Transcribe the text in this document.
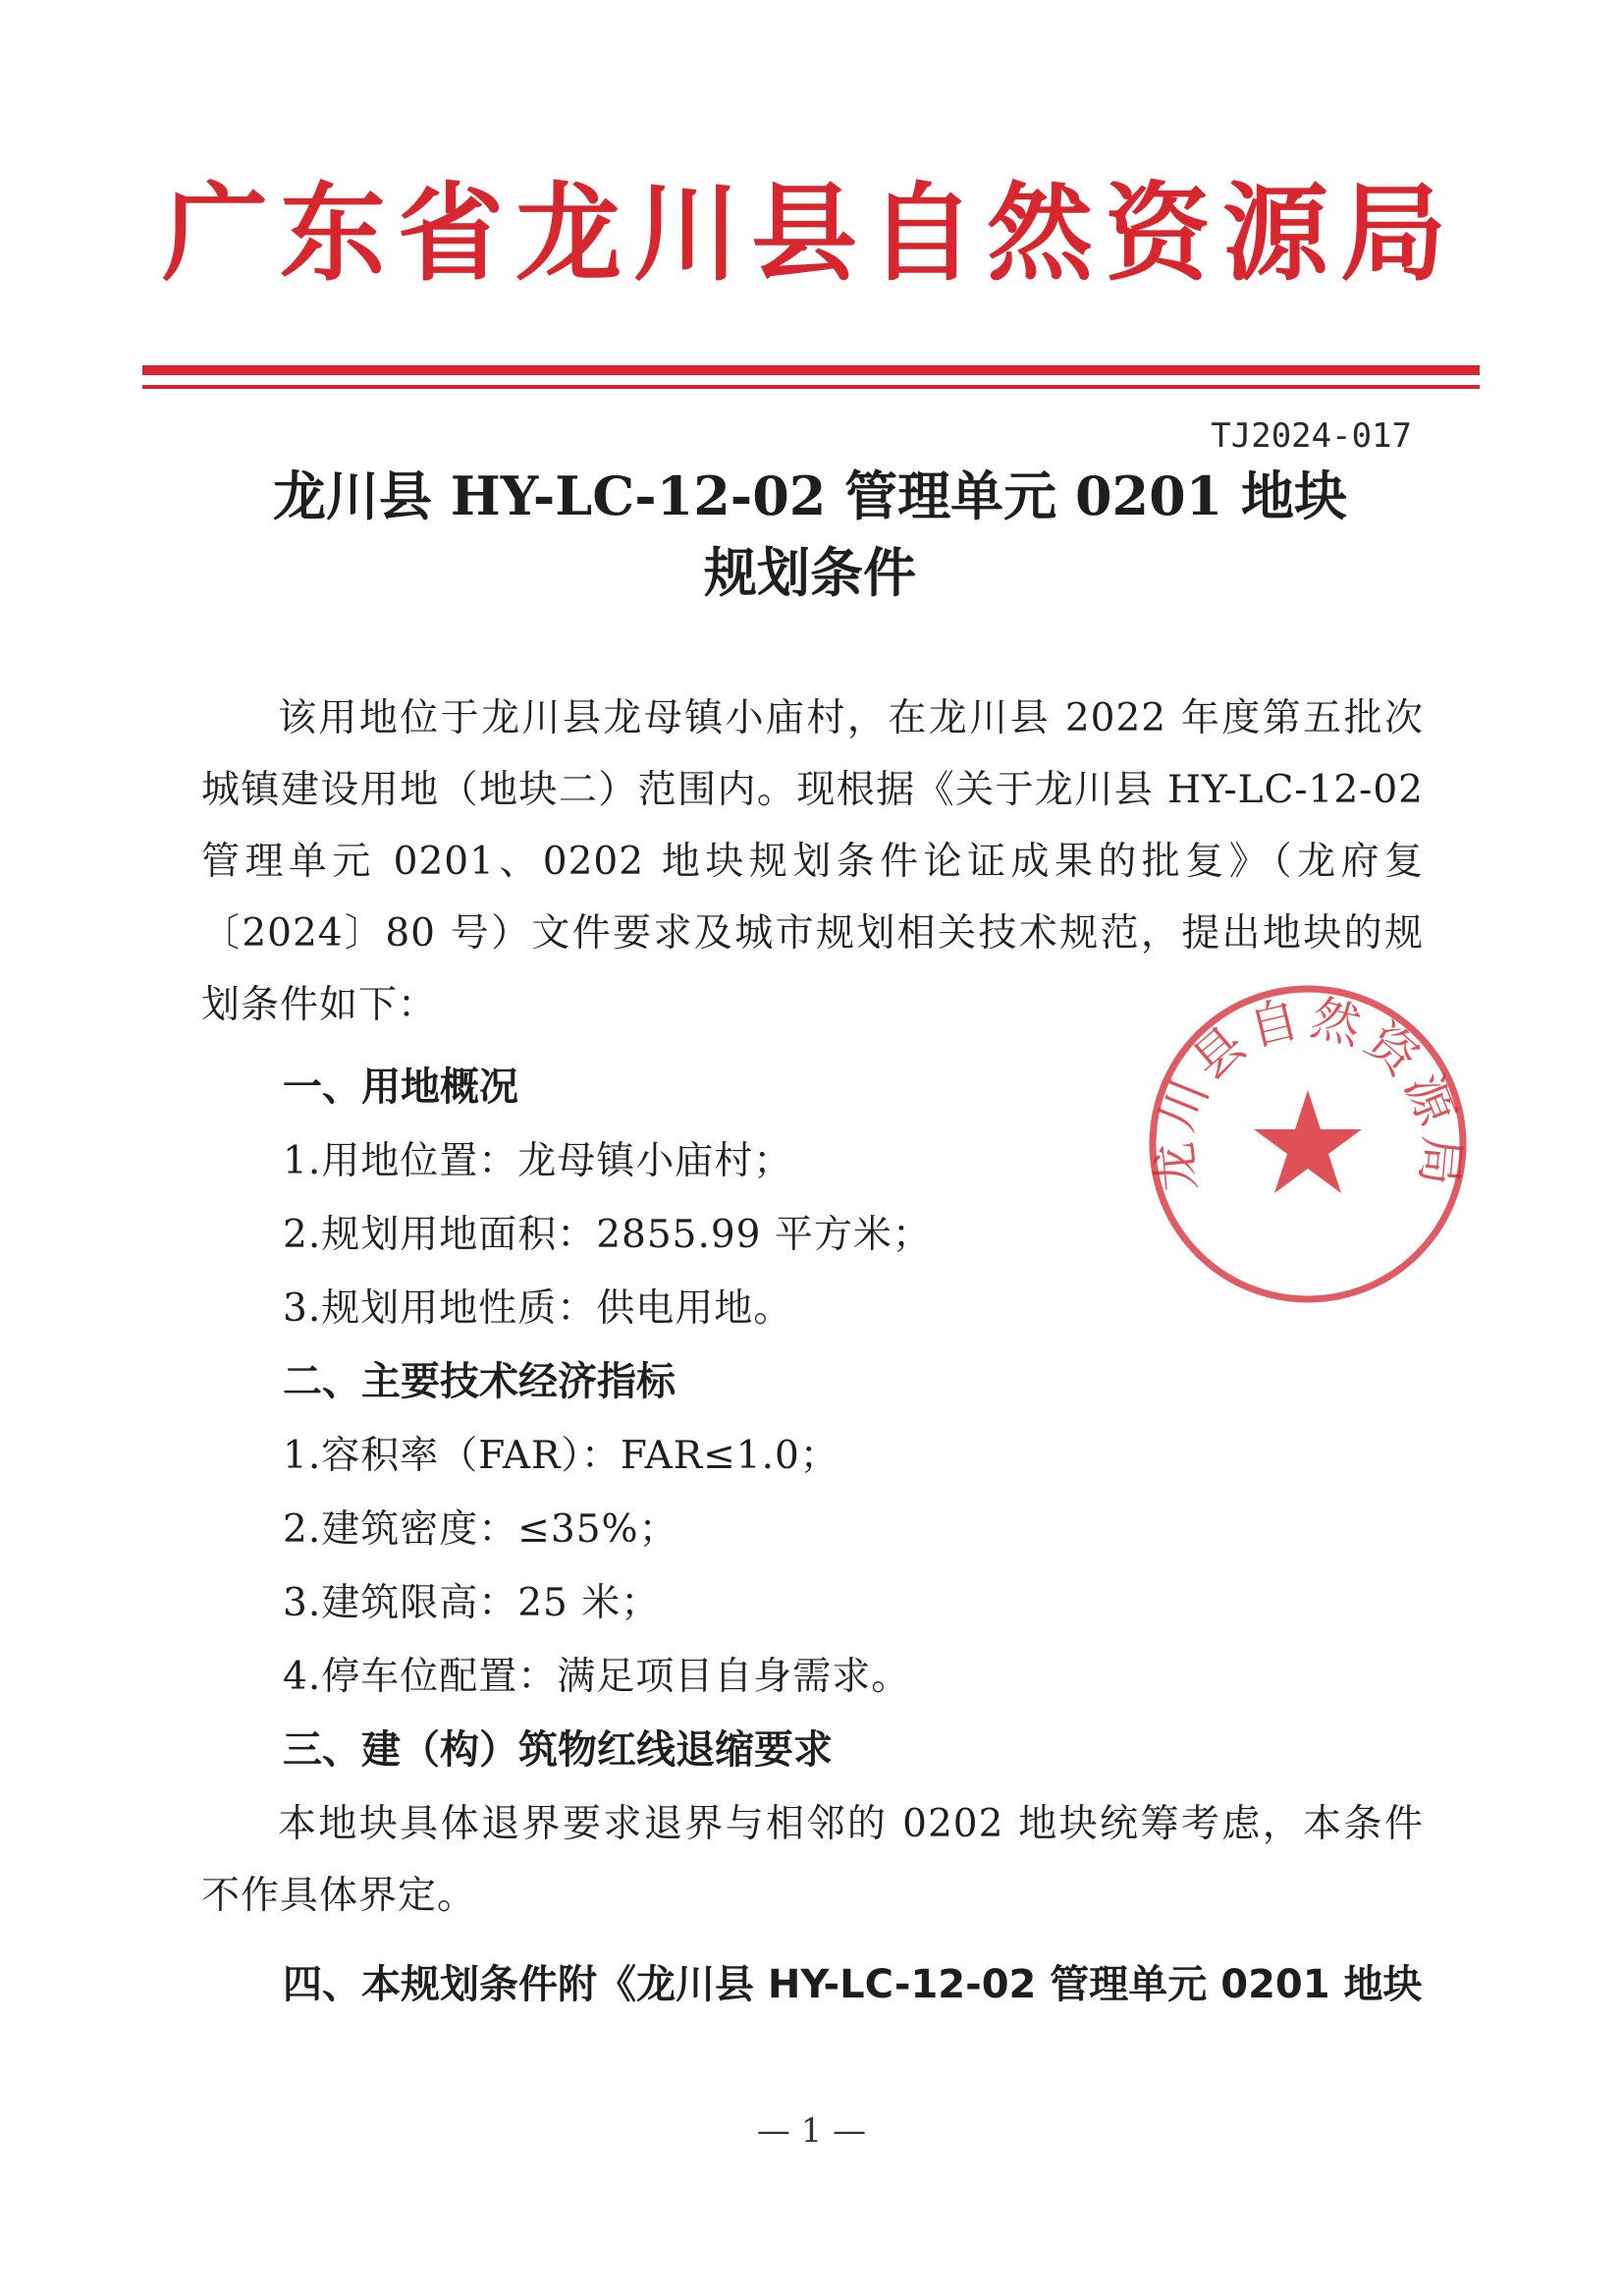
广东省龙川县自然资源局
TJ2024-017
龙川县 HY-LC-12-02 管理单元 0201 地块
规划条件

该用地位于龙川县龙母镇小庙村，在龙川县 2022 年度第五批次城镇建设用地（地块二）范围内。现根据《关于龙川县 HY-LC-12-02 管理单元 0201、0202 地块规划条件论证成果的批复》（龙府复〔2024〕80 号）文件要求及城市规划相关技术规范，提出地块的规划条件如下：

一、用地概况
1.用地位置：龙母镇小庙村；
2.规划用地面积：2855.99 平方米；
3.规划用地性质：供电用地。
二、主要技术经济指标
1.容积率（FAR）：FAR≤1.0；
2.建筑密度：≤35%；
3.建筑限高：25 米；
4.停车位配置：满足项目自身需求。
三、建（构）筑物红线退缩要求

本地块具体退界要求退界与相邻的 0202 地块统筹考虑，本条件不作具体界定。

四、本规划条件附《龙川县 HY-LC-12-02 管理单元 0201 地块
龙川县自然资源局
— 1 —
